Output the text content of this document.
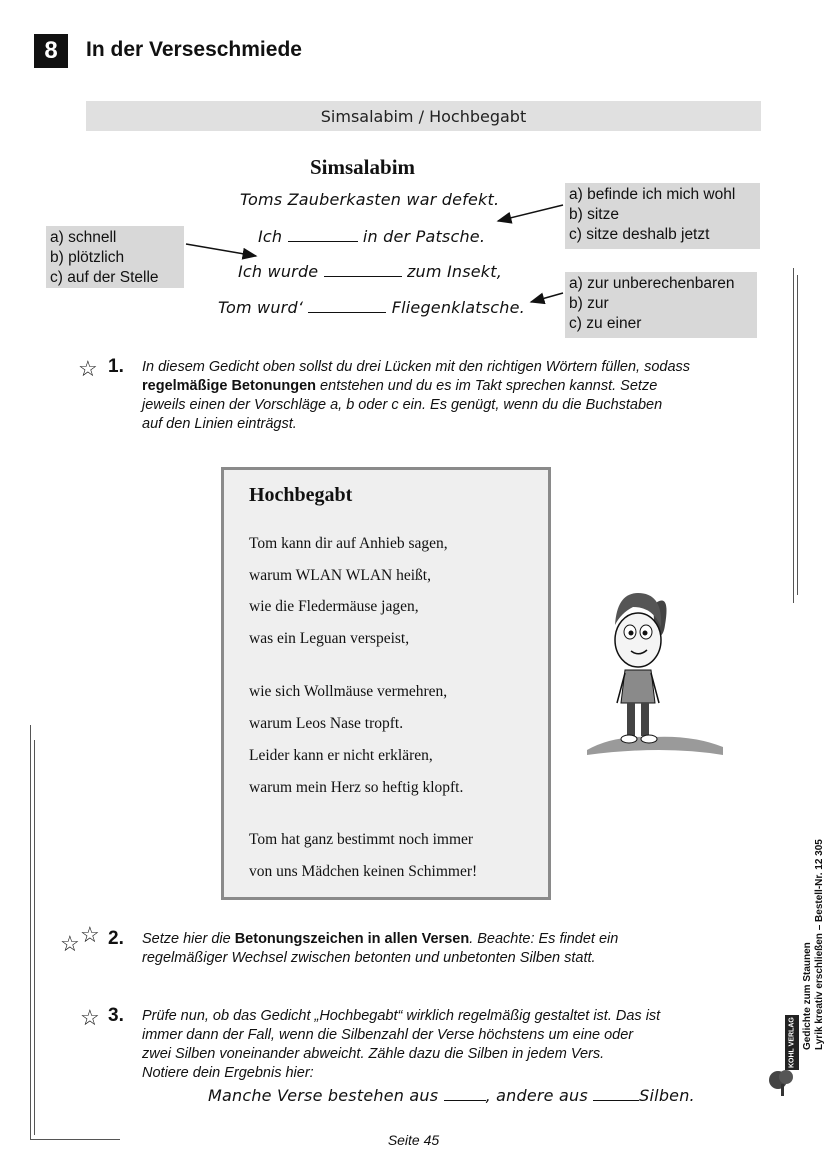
8	In der Verseschmiede
Simsalabim / Hochbegabt
Simsalabim
Toms Zauberkasten war defekt.
Ich	in der Patsche.
Ich wurde	zum Insekt,
Tom wurd‘	Fliegenklatsche.
a) schnell
b) plötzlich
c) auf der Stelle
a) befinde ich mich wohl
b) sitze
c) sitze deshalb jetzt
a) zur unberechenbaren
b) zur
c) zu einer
☆ 1. In diesem Gedicht oben sollst du drei Lücken mit den richtigen Wörtern füllen, sodass
regelmäßige Betonungen entstehen und du es im Takt sprechen kannst. Setze
jeweils einen der Vorschläge a, b oder c ein. Es genügt, wenn du die Buchstaben
auf den Linien einträgst.
Hochbegabt
Tom kann dir auf Anhieb sagen,
warum WLAN WLAN heißt,
wie die Fledermäuse jagen,
was ein Leguan verspeist,
wie sich Wollmäuse vermehren,
warum Leos Nase tropft.
Leider kann er nicht erklären,
warum mein Herz so heftig klopft.
Tom hat ganz bestimmt noch immer
von uns Mädchen keinen Schimmer!
☆ ☆ 2. Setze hier die Betonungszeichen in allen Versen. Beachte: Es findet ein
regelmäßiger Wechsel zwischen betonten und unbetonten Silben statt.
☆ 3. Prüfe nun, ob das Gedicht „Hochbegabt“ wirklich regelmäßig gestaltet ist. Das ist
immer dann der Fall, wenn die Silbenzahl der Verse höchstens um eine oder
zwei Silben voneinander abweicht. Zähle dazu die Silben in jedem Vers.
Notiere dein Ergebnis hier:
Manche Verse bestehen aus	, andere aus	Silben.
Gedichte zum Staunen Lyrik kreativ erschließen – Bestell-Nr. 12 305
KOHL VERLAG
Seite 45
